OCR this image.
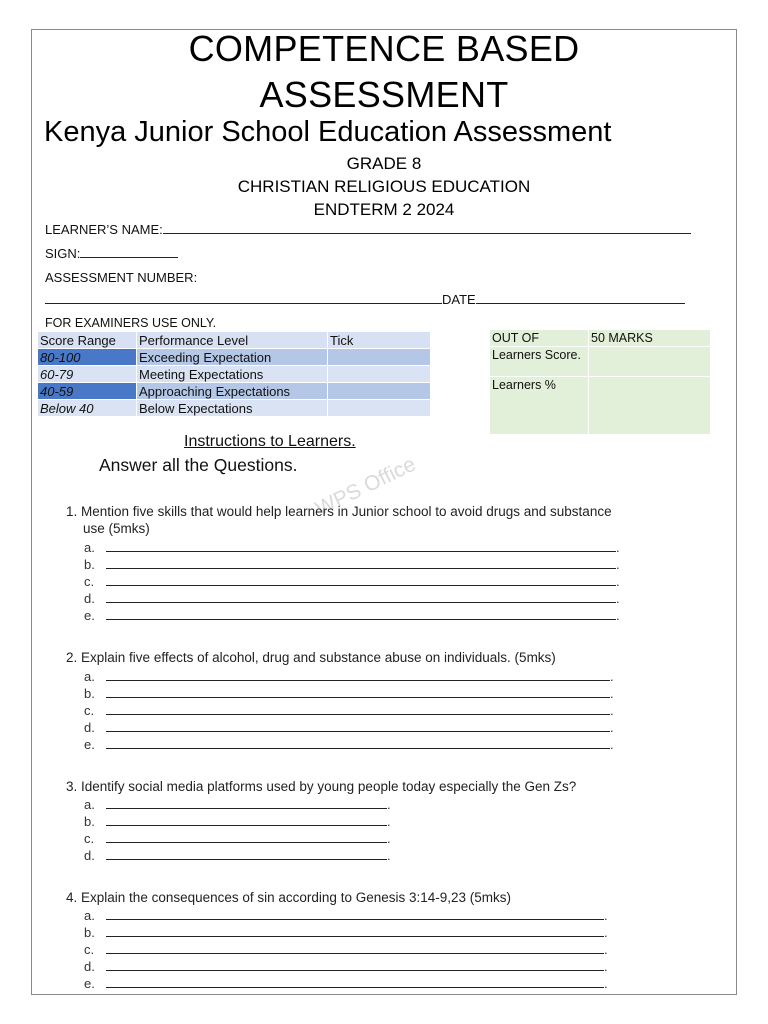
COMPETENCE BASED
ASSESSMENT
Kenya Junior School Education Assessment
GRADE 8
CHRISTIAN RELIGIOUS EDUCATION
ENDTERM 2 2024
LEARNER’S NAME:
SIGN:
ASSESSMENT NUMBER:
DATE
FOR EXAMINERS USE ONLY.
Score Range	Performance Level	Tick
80-100	Exceeding Expectation	
60-79	Meeting Expectations	
40-59	Approaching Expectations	
Below 40	Below Expectations	
OUT OF	50 MARKS
Learners Score.	
Learners %	
Instructions to Learners.
Answer all the Questions. WPS Office
1. Mention five skills that would help learners in Junior school to avoid drugs and substance
use (5mks)
a.	.
b.	.
c.	.
d.	.
e.	.
2. Explain five effects of alcohol, drug and substance abuse on individuals. (5mks)
a.	.
b.	.
c.	.
d.	.
e.	.
3. Identify social media platforms used by young people today especially the Gen Zs?
a.	.
b.	.
c.	.
d.	.
4. Explain the consequences of sin according to Genesis 3:14-9,23 (5mks)
a.	.
b.	.
c.	.
d.	.
e.	.
